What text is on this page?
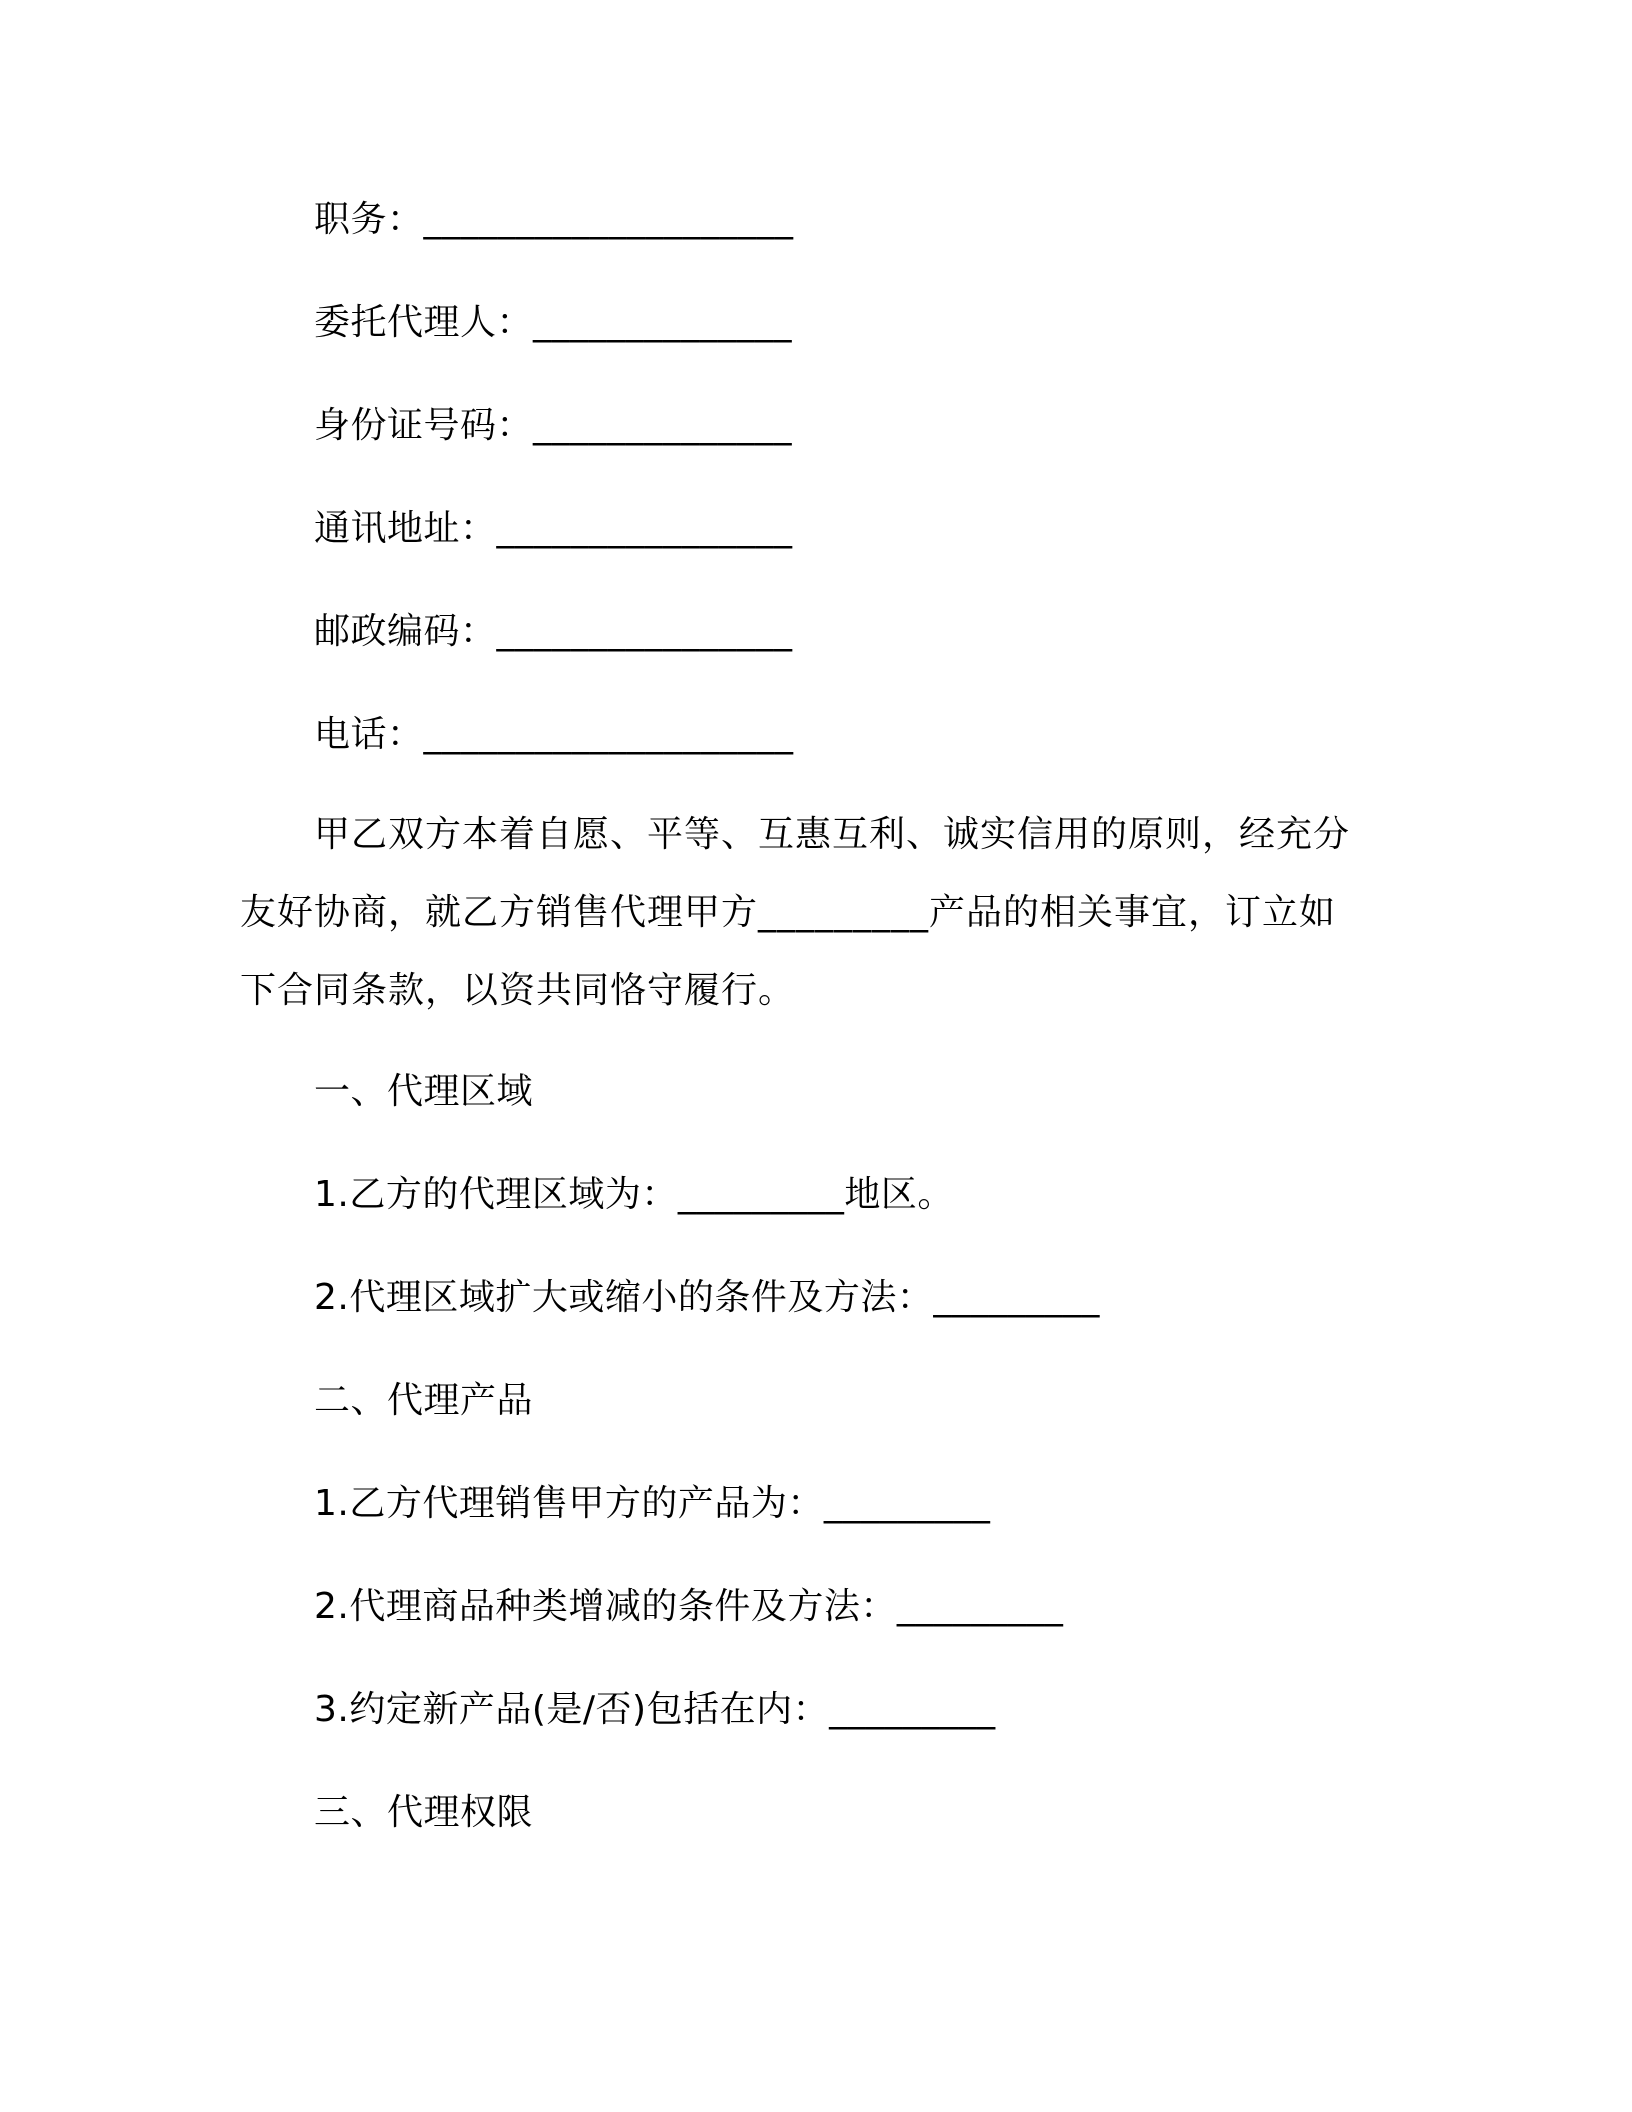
职务：____________________
委托代理人：______________
身份证号码：______________
通讯地址：________________
邮政编码：________________
电话：____________________
甲乙双方本着自愿、平等、互惠互利、诚实信用的原则，经充分友好协商，就乙方销售代理甲方_________产品的相关事宜，订立如下合同条款，以资共同恪守履行。
一、代理区域
1.乙方的代理区域为：_________地区。
2.代理区域扩大或缩小的条件及方法：_________
二、代理产品
1.乙方代理销售甲方的产品为：_________
2.代理商品种类增减的条件及方法：_________
3.约定新产品(是/否)包括在内：_________
三、代理权限
